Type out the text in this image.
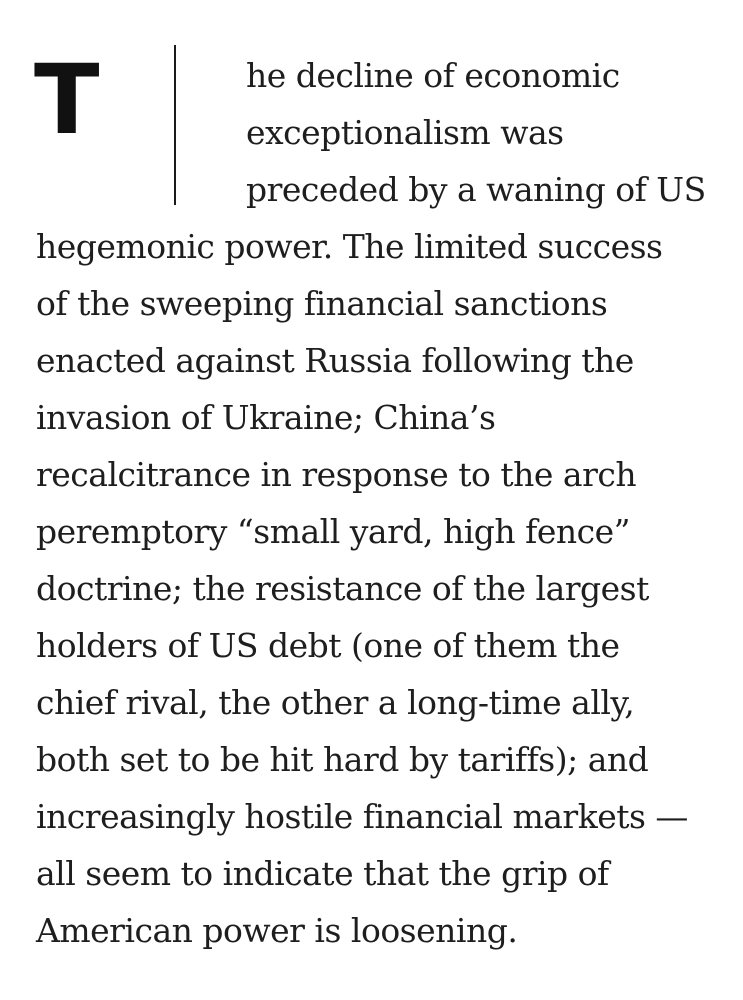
T	he decline of economic
exceptionalism was
preceded by a waning of US
hegemonic power. The limited success
of the sweeping financial sanctions
enacted against Russia following the
invasion of Ukraine; China’s
recalcitrance in response to the arch
peremptory “small yard, high fence”
doctrine; the resistance of the largest
holders of US debt (one of them the
chief rival, the other a long-time ally,
both set to be hit hard by tariffs); and
increasingly hostile financial markets —
all seem to indicate that the grip of
American power is loosening.
